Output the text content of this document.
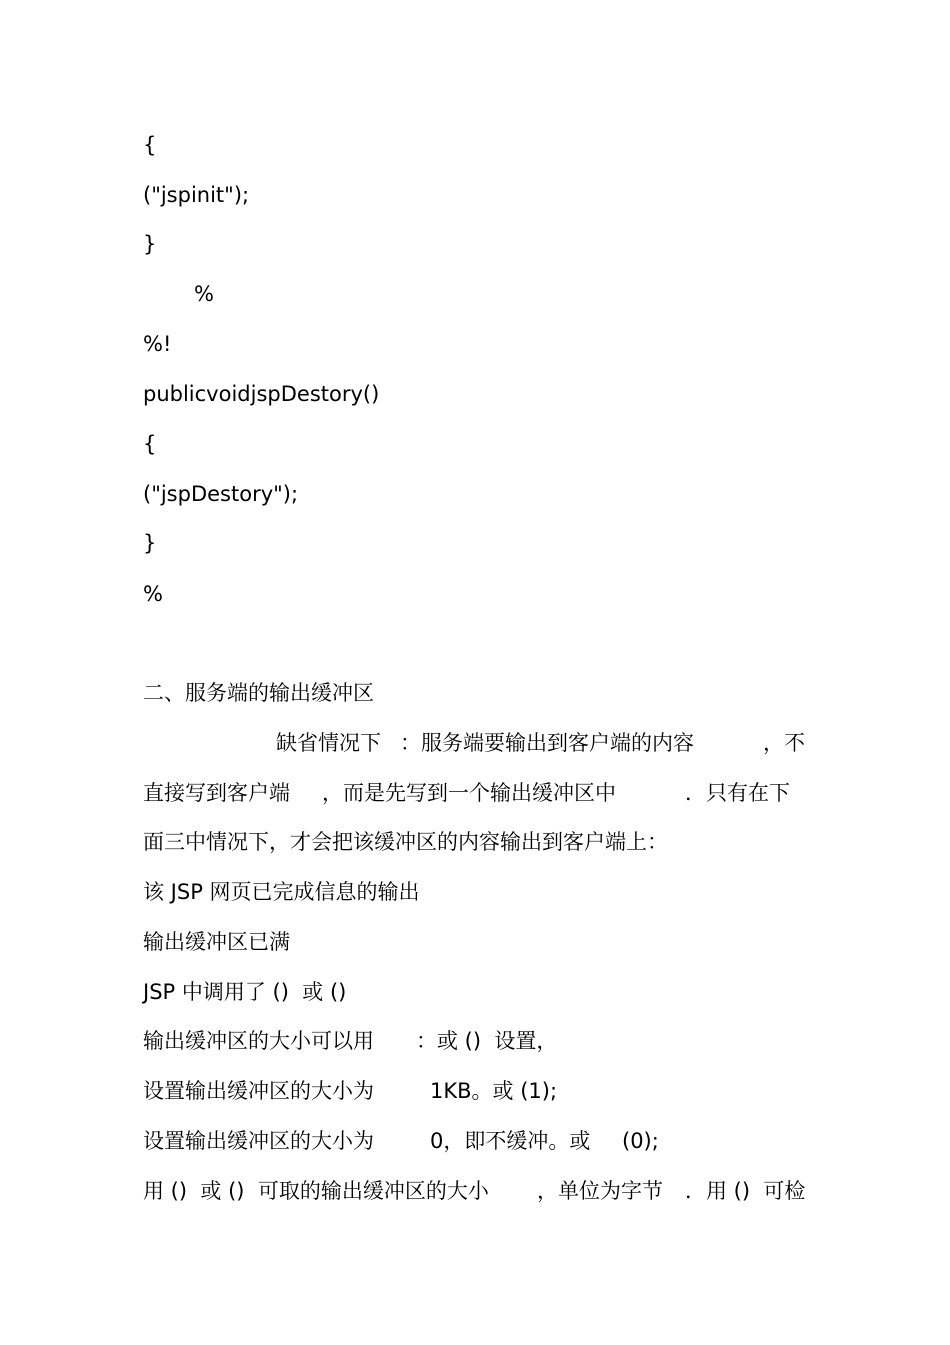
{
("jspinit");
}
%
%!
publicvoidjspDestory()
{
("jspDestory");
}
%
二、服务端的输出缓冲区

缺省情况下

：服务端要输出到客户端的内容

	，不

直接写到客户端

，而是先写到一个输出缓冲区中

	．只有在下

面三中情况下，才会把该缓冲区的内容输出到客户端上：
该 JSP 网页已完成信息的输出
输出缓冲区已满
JSP 中调用了 ()  或 ()

输出缓冲区的大小可以用

：或 ()  设置，

设置输出缓冲区的大小为

	1KB。或 (1);

设置输出缓冲区的大小为

	0，即不缓冲。或

(0);

用 ()  或 ()  可取的输出缓冲区的大小

，单位为字节

．用 ()  可检
